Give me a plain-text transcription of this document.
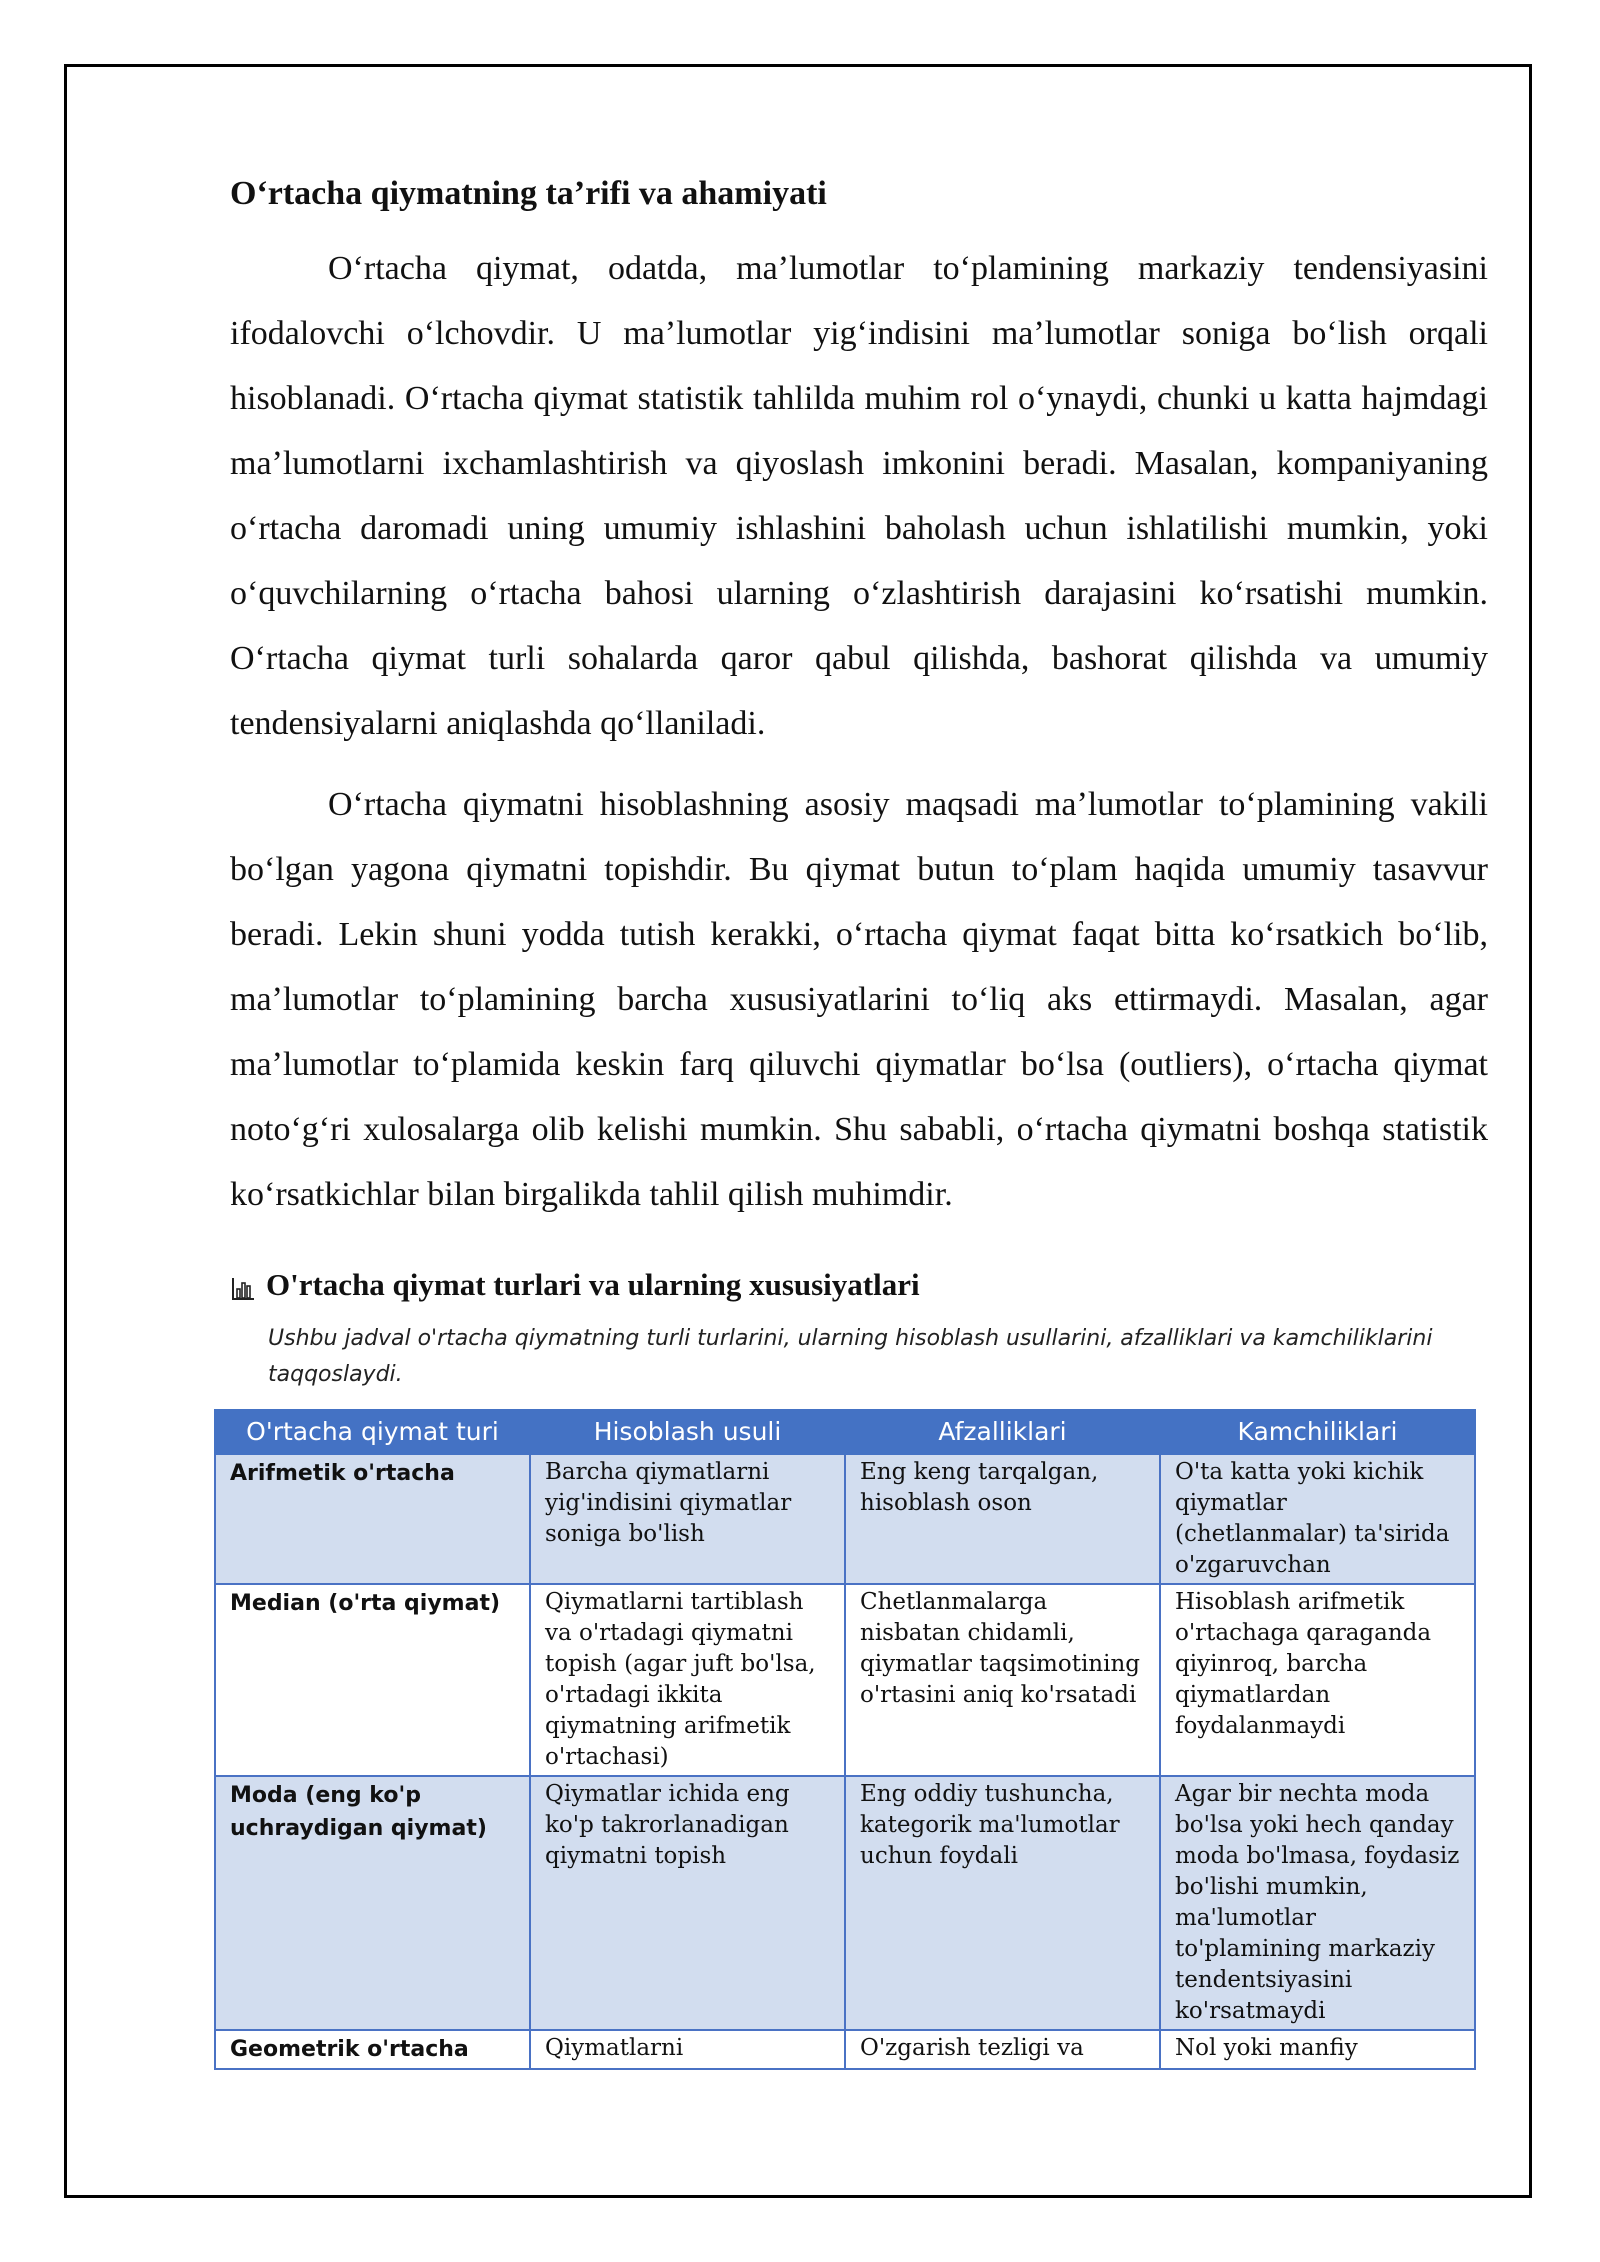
Oʻrtacha qiymatning taʼrifi va ahamiyati

Oʻrtacha qiymat, odatda, maʼlumotlar toʻplamining markaziy tendensiyasini ifodalovchi oʻlchovdir. U maʼlumotlar yigʻindisini maʼlumotlar soniga boʻlish orqali hisoblanadi. Oʻrtacha qiymat statistik tahlilda muhim rol oʻynaydi, chunki u katta hajmdagi maʼlumotlarni ixchamlashtirish va qiyoslash imkonini beradi. Masalan, kompaniyaning oʻrtacha daromadi uning umumiy ishlashini baholash uchun ishlatilishi mumkin, yoki oʻquvchilarning oʻrtacha bahosi ularning oʻzlashtirish darajasini koʻrsatishi mumkin. Oʻrtacha qiymat turli sohalarda qaror qabul qilishda, bashorat qilishda va umumiy tendensiyalarni aniqlashda qoʻllaniladi.

Oʻrtacha qiymatni hisoblashning asosiy maqsadi maʼlumotlar toʻplamining vakili boʻlgan yagona qiymatni topishdir. Bu qiymat butun toʻplam haqida umumiy tasavvur beradi. Lekin shuni yodda tutish kerakki, oʻrtacha qiymat faqat bitta koʻrsatkich boʻlib, maʼlumotlar toʻplamining barcha xususiyatlarini toʻliq aks ettirmaydi. Masalan, agar maʼlumotlar toʻplamida keskin farq qiluvchi qiymatlar boʻlsa (outliers), oʻrtacha qiymat notoʻgʻri xulosalarga olib kelishi mumkin. Shu sababli, oʻrtacha qiymatni boshqa statistik koʻrsatkichlar bilan birgalikda tahlil qilish muhimdir.

O'rtacha qiymat turlari va ularning xususiyatlari

Ushbu jadval o'rtacha qiymatning turli turlarini, ularning hisoblash usullarini, afzalliklari va kamchiliklarini taqqoslaydi.

O'rtacha qiymat turi	Hisoblash usuli	Afzalliklari	Kamchiliklari
Arifmetik o'rtacha	Barcha qiymatlarni yig'indisini qiymatlar soniga bo'lish	Eng keng tarqalgan, hisoblash oson	O'ta katta yoki kichik qiymatlar (chetlanmalar) ta'sirida o'zgaruvchan
Median (o'rta qiymat)	Qiymatlarni tartiblash va o'rtadagi qiymatni topish (agar juft bo'lsa, o'rtadagi ikkita qiymatning arifmetik o'rtachasi)	Chetlanmalarga nisbatan chidamli, qiymatlar taqsimotining o'rtasini aniq ko'rsatadi	Hisoblash arifmetik o'rtachaga qaraganda qiyinroq, barcha qiymatlardan foydalanmaydi
Moda (eng ko'p uchraydigan qiymat)	Qiymatlar ichida eng ko'p takrorlanadigan qiymatni topish	Eng oddiy tushuncha, kategorik ma'lumotlar uchun foydali	Agar bir nechta moda bo'lsa yoki hech qanday moda bo'lmasa, foydasiz bo'lishi mumkin, ma'lumotlar to'plamining markaziy tendentsiyasini ko'rsatmaydi
Geometrik o'rtacha	Qiymatlarni	O'zgarish tezligi va	Nol yoki manfiy
